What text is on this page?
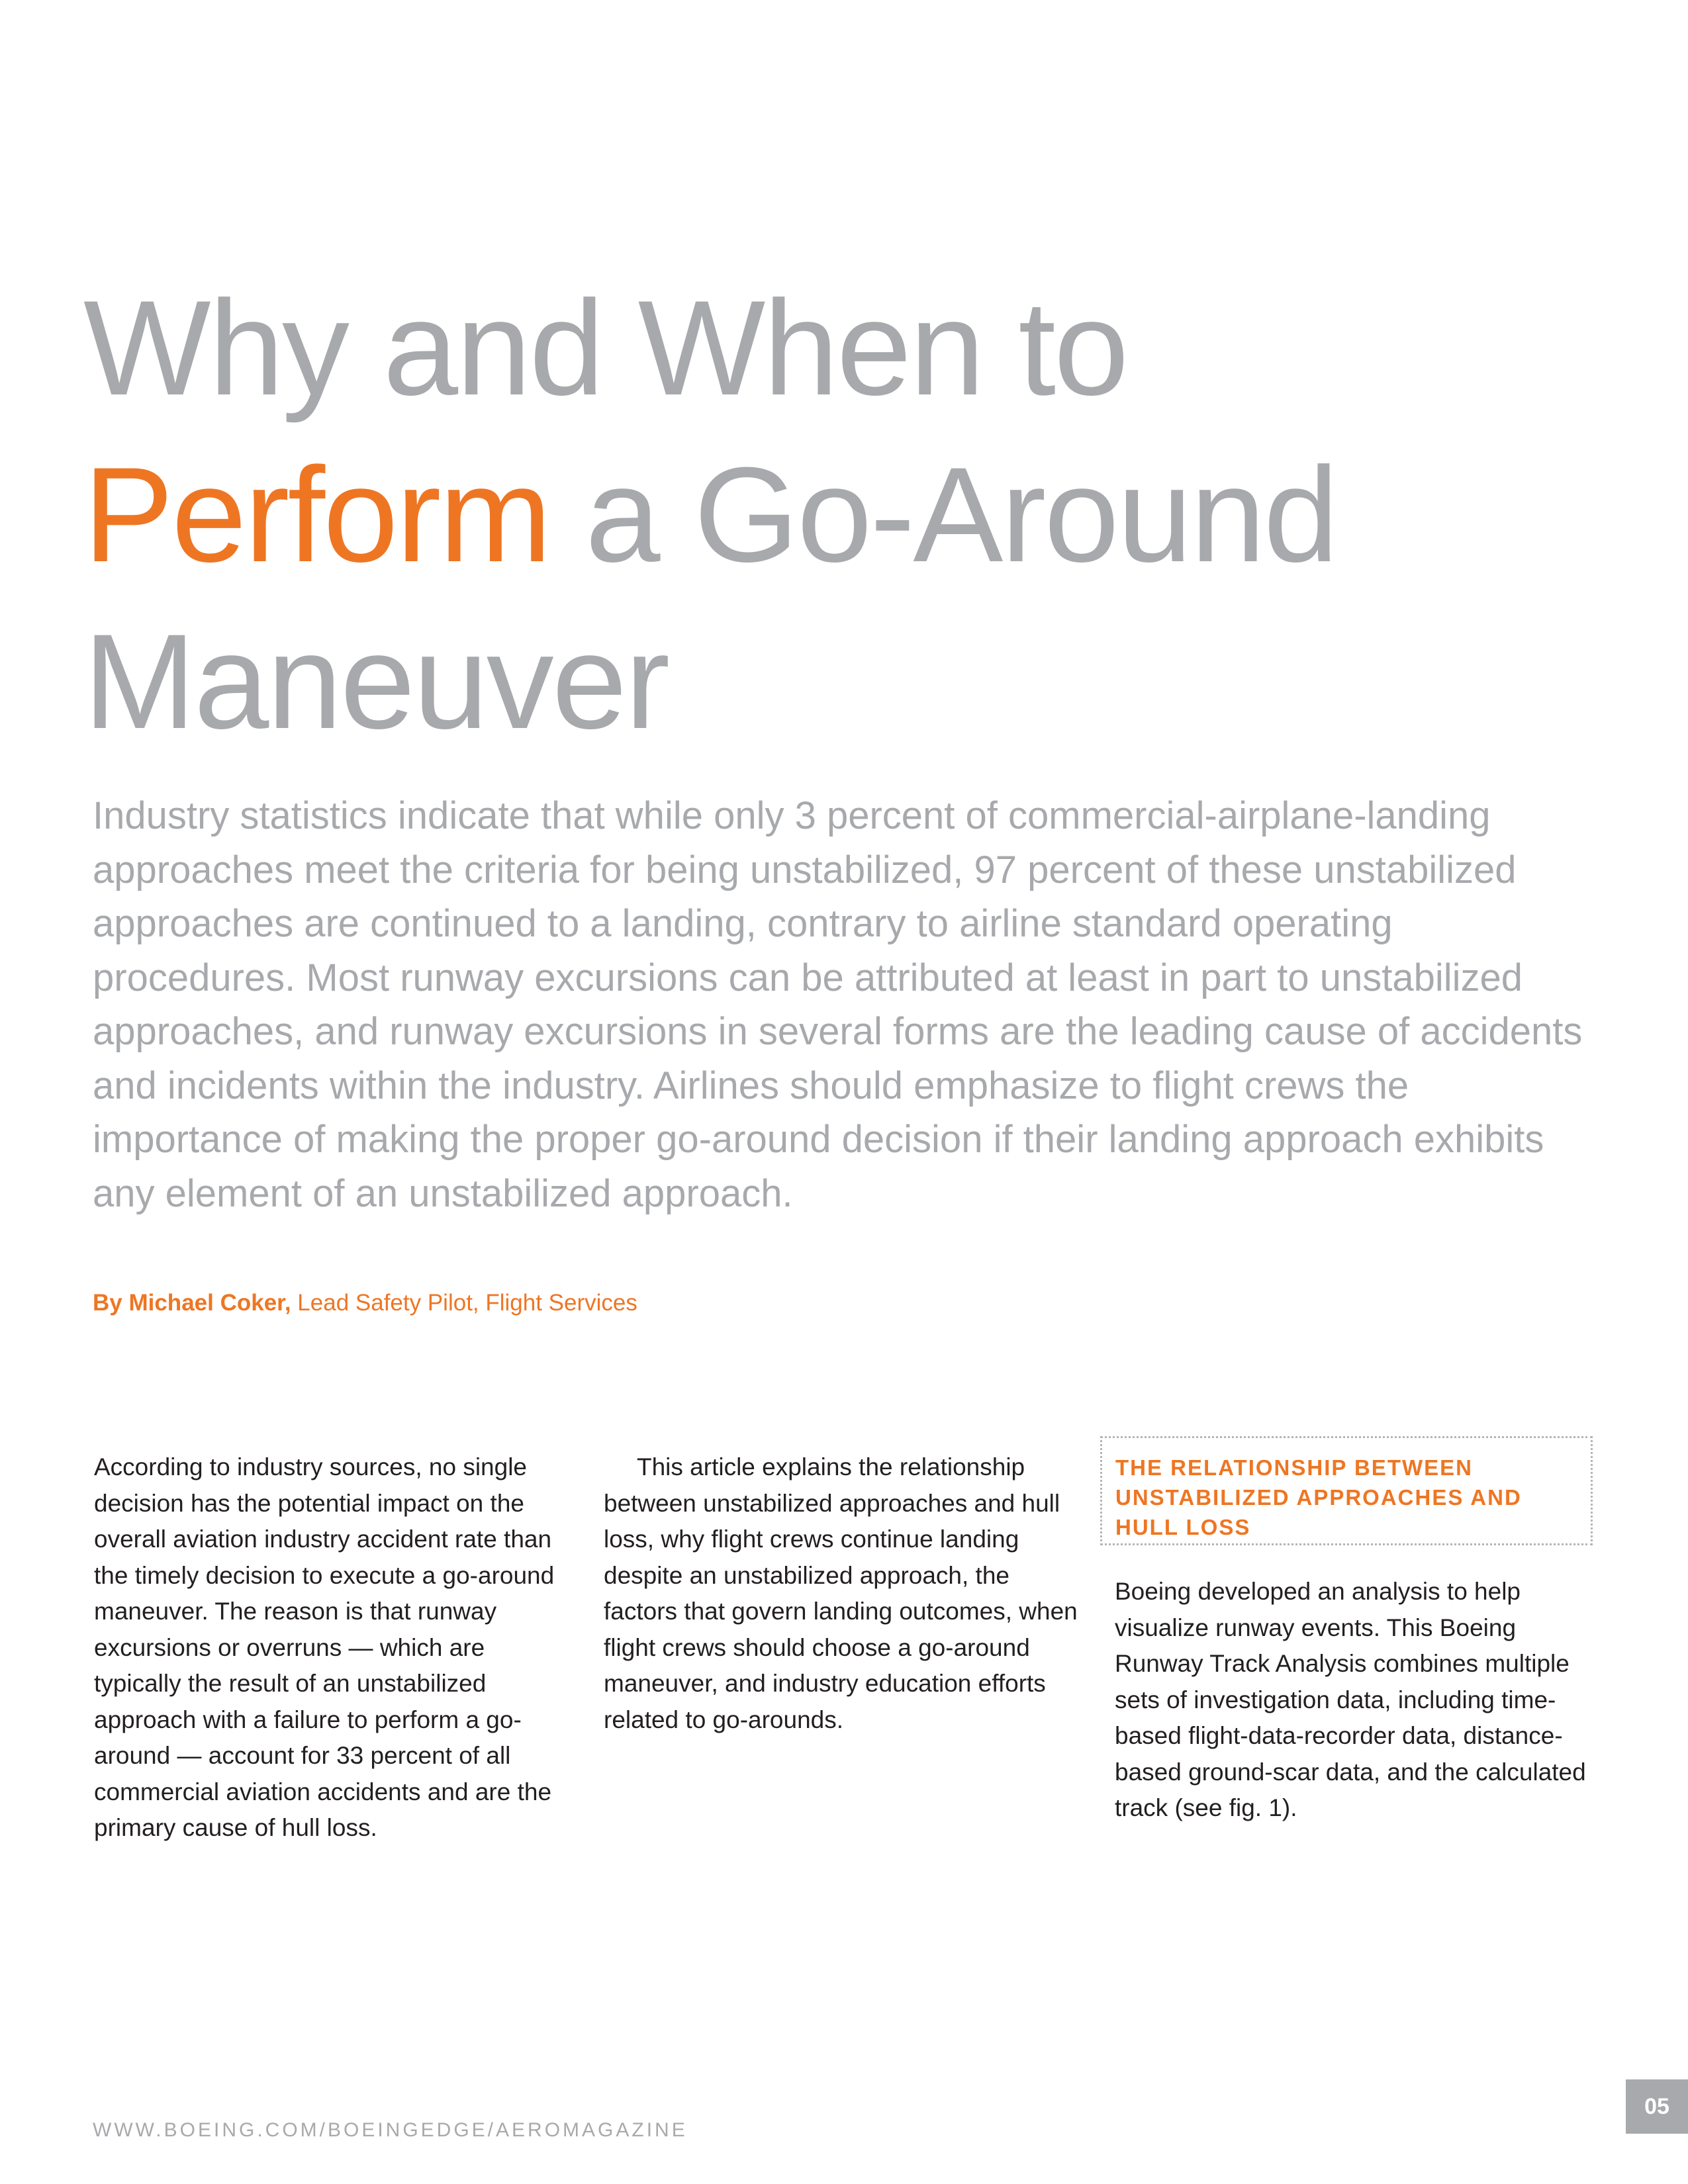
Why and When to
Perform a Go-Around
Maneuver

Industry statistics indicate that while only 3 percent of commercial-airplane-landing approaches meet the criteria for being unstabilized, 97 percent of these unstabilized approaches are continued to a landing, contrary to airline standard operating procedures. Most runway excursions can be attributed at least in part to unstabilized approaches, and runway excursions in several forms are the leading cause of accidents and incidents within the industry. Airlines should emphasize to flight crews the importance of making the proper go-around decision if their landing approach exhibits any element of an unstabilized approach.

By Michael Coker, Lead Safety Pilot, Flight Services

According to industry sources, no single decision has the potential impact on the overall aviation industry accident rate than the timely decision to execute a go-around maneuver. The reason is that runway excursions or overruns — which are typically the result of an unstabilized approach with a failure to perform a go-around — account for 33 percent of all commercial aviation accidents and are the primary cause of hull loss.

This article explains the relationship between unstabilized approaches and hull loss, why flight crews continue landing despite an unstabilized approach, the factors that govern landing outcomes, when flight crews should choose a go-around maneuver, and industry education efforts related to go-arounds.

THE RELATIONSHIP BETWEEN UNSTABILIZED APPROACHES AND HULL LOSS

Boeing developed an analysis to help visualize runway events. This Boeing Runway Track Analysis combines multiple sets of investigation data, including time-based flight-data-recorder data, distance-based ground-scar data, and the calculated track (see fig. 1).

WWW.BOEING.COM/BOEINGEDGE/AEROMAGAZINE
05
